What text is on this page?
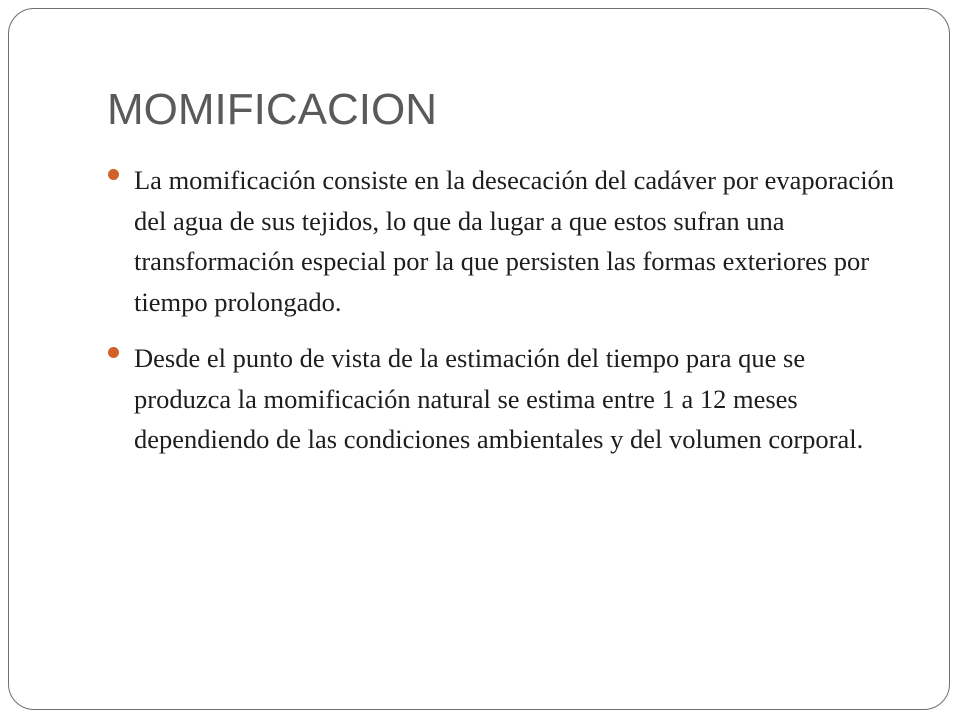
MOMIFICACION
La momificación consiste en la desecación del cadáver por evaporación del agua de sus tejidos, lo que da lugar a que estos sufran una transformación especial por la que persisten las formas exteriores por tiempo prolongado.
Desde el punto de vista de la estimación del tiempo para que se produzca la momificación natural se estima entre 1 a 12 meses dependiendo de las condiciones ambientales y del volumen corporal.
